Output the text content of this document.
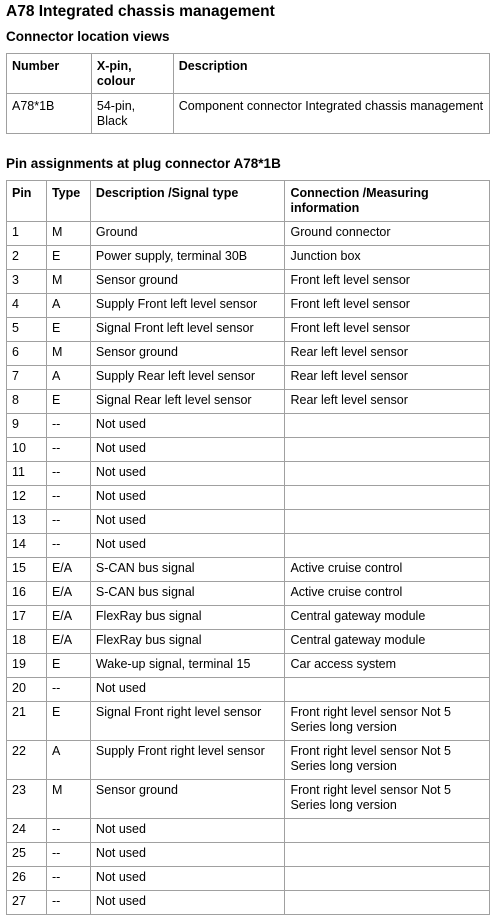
A78 Integrated chassis management
Connector location views
Number	X-pin, colour	Description
A78*1B	54-pin, Black	Component connector Integrated chassis management
Pin assignments at plug connector A78*1B
Pin	Type	Description /Signal type	Connection /Measuring information
1	M	Ground	Ground connector
2	E	Power supply, terminal 30B	Junction box
3	M	Sensor ground	Front left level sensor
4	A	Supply Front left level sensor	Front left level sensor
5	E	Signal Front left level sensor	Front left level sensor
6	M	Sensor ground	Rear left level sensor
7	A	Supply Rear left level sensor	Rear left level sensor
8	E	Signal Rear left level sensor	Rear left level sensor
9	--	Not used	
10	--	Not used	
11	--	Not used	
12	--	Not used	
13	--	Not used	
14	--	Not used	
15	E/A	S-CAN bus signal	Active cruise control
16	E/A	S-CAN bus signal	Active cruise control
17	E/A	FlexRay bus signal	Central gateway module
18	E/A	FlexRay bus signal	Central gateway module
19	E	Wake-up signal, terminal 15	Car access system
20	--	Not used	
21	E	Signal Front right level sensor	Front right level sensor Not 5 Series long version
22	A	Supply Front right level sensor	Front right level sensor Not 5 Series long version
23	M	Sensor ground	Front right level sensor Not 5 Series long version
24	--	Not used	
25	--	Not used	
26	--	Not used	
27	--	Not used	
